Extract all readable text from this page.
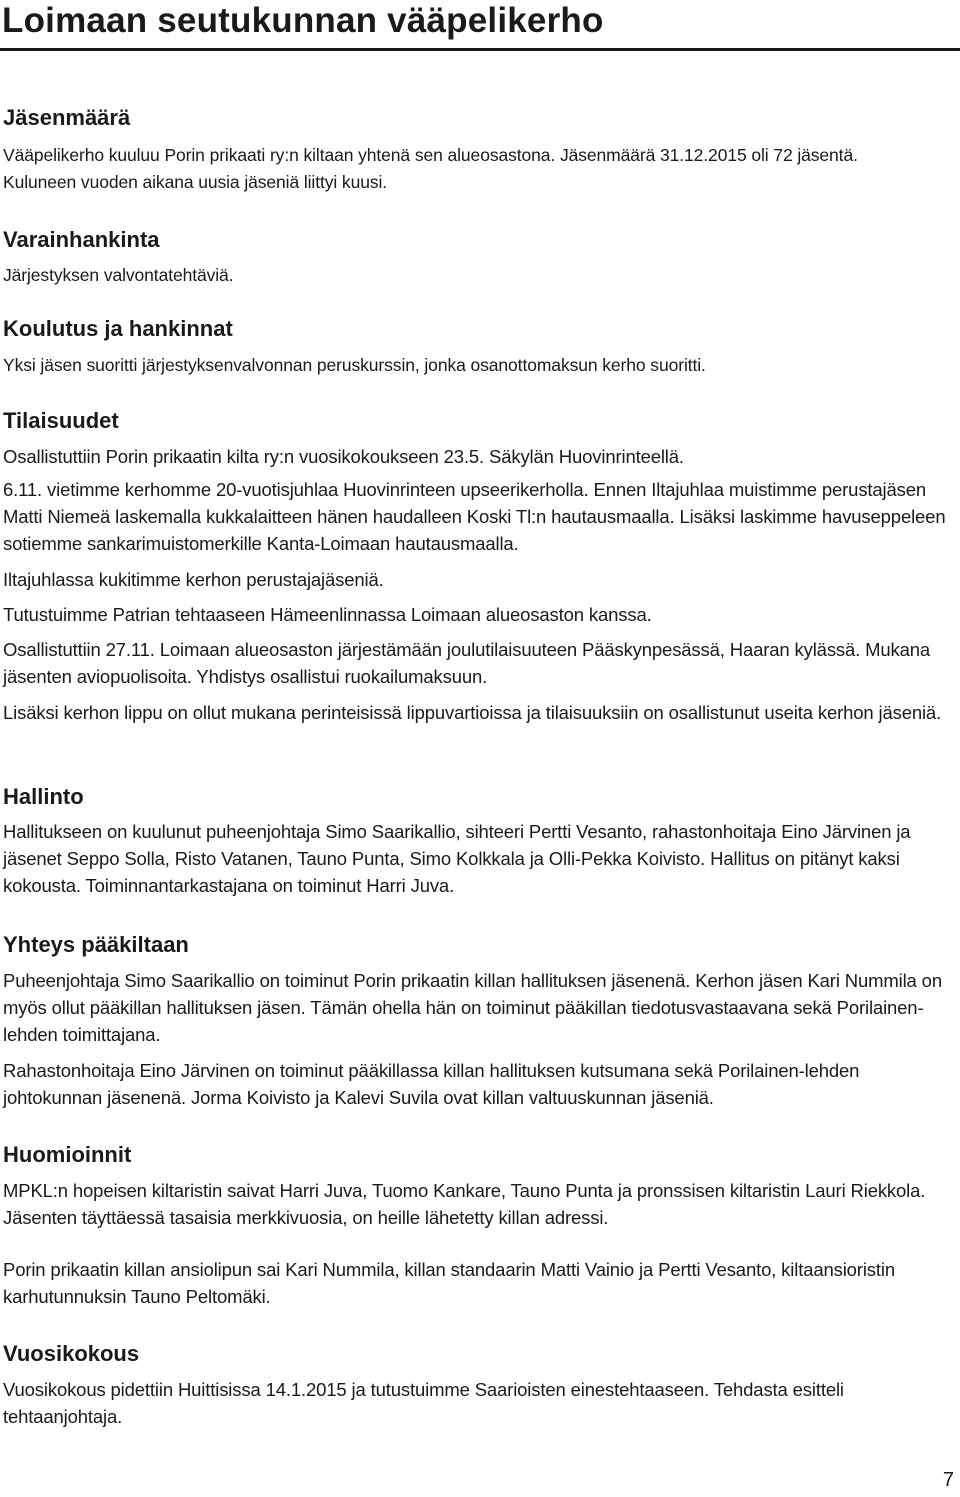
Loimaan seutukunnan vääpelikerho
Jäsenmäärä
Vääpelikerho kuuluu Porin prikaati ry:n kiltaan yhtenä sen alueosastona. Jäsenmäärä 31.12.2015 oli 72 jäsentä. Kuluneen vuoden aikana uusia jäseniä liittyi kuusi.
Varainhankinta
Järjestyksen valvontatehtäviä.
Koulutus ja hankinnat
Yksi jäsen suoritti järjestyksenvalvonnan peruskurssin, jonka osanottomaksun kerho suoritti.
Tilaisuudet
Osallistuttiin Porin prikaatin kilta ry:n vuosikokoukseen 23.5. Säkylän Huovinrinteellä.
6.11. vietimme kerhomme 20-vuotisjuhlaa Huovinrinteen upseerikerholla. Ennen Iltajuhlaa muistimme perustajäsen Matti Niemeä laskemalla kukkalaitteen hänen haudalleen Koski Tl:n hautausmaalla. Lisäksi laskimme havuseppeleen sotiemme sankarimuistomerkille Kanta-Loimaan hautausmaalla.
Iltajuhlassa kukitimme kerhon perustajajäseniä.
Tutustuimme Patrian tehtaaseen Hämeenlinnassa Loimaan alueosaston kanssa.
Osallistuttiin 27.11. Loimaan alueosaston järjestämään joulutilaisuuteen Pääskynpesässä, Haaran kylässä. Mukana jäsenten aviopuolisoita. Yhdistys osallistui ruokailumaksuun.
Lisäksi kerhon lippu on ollut mukana perinteisissä lippuvartioissa ja tilaisuuksiin on osallistunut useita kerhon jäseniä.
Hallinto
Hallitukseen on kuulunut puheenjohtaja Simo Saarikallio, sihteeri Pertti Vesanto, rahastonhoitaja Eino Järvinen ja jäsenet Seppo Solla, Risto Vatanen, Tauno Punta, Simo Kolkkala ja Olli-Pekka Koivisto. Hallitus on pitänyt kaksi kokousta. Toiminnantarkastajana on toiminut Harri Juva.
Yhteys pääkiltaan
Puheenjohtaja Simo Saarikallio on toiminut Porin prikaatin killan hallituksen jäsenenä. Kerhon jäsen Kari Nummila on myös ollut pääkillan hallituksen jäsen. Tämän ohella hän on toiminut pääkillan tiedotusvastaavana sekä Porilainen-lehden toimittajana.
Rahastonhoitaja Eino Järvinen on toiminut pääkillassa killan hallituksen kutsumana sekä Porilainen-lehden johtokunnan jäsenenä. Jorma Koivisto ja Kalevi Suvila ovat killan valtuuskunnan jäseniä.
Huomioinnit
MPKL:n hopeisen kiltaristin saivat Harri Juva, Tuomo Kankare, Tauno Punta ja pronssisen kiltaristin Lauri Riekkola. Jäsenten täyttäessä tasaisia merkkivuosia, on heille lähetetty killan adressi.
Porin prikaatin killan ansiolipun sai Kari Nummila, killan standaarin Matti Vainio ja Pertti Vesanto, kiltaansioristin karhutunnuksin Tauno Peltomäki.
Vuosikokous
Vuosikokous pidettiin Huittisissa 14.1.2015 ja tutustuimme Saarioisten einestehtaaseen. Tehdasta esitteli tehtaanjohtaja.
7
